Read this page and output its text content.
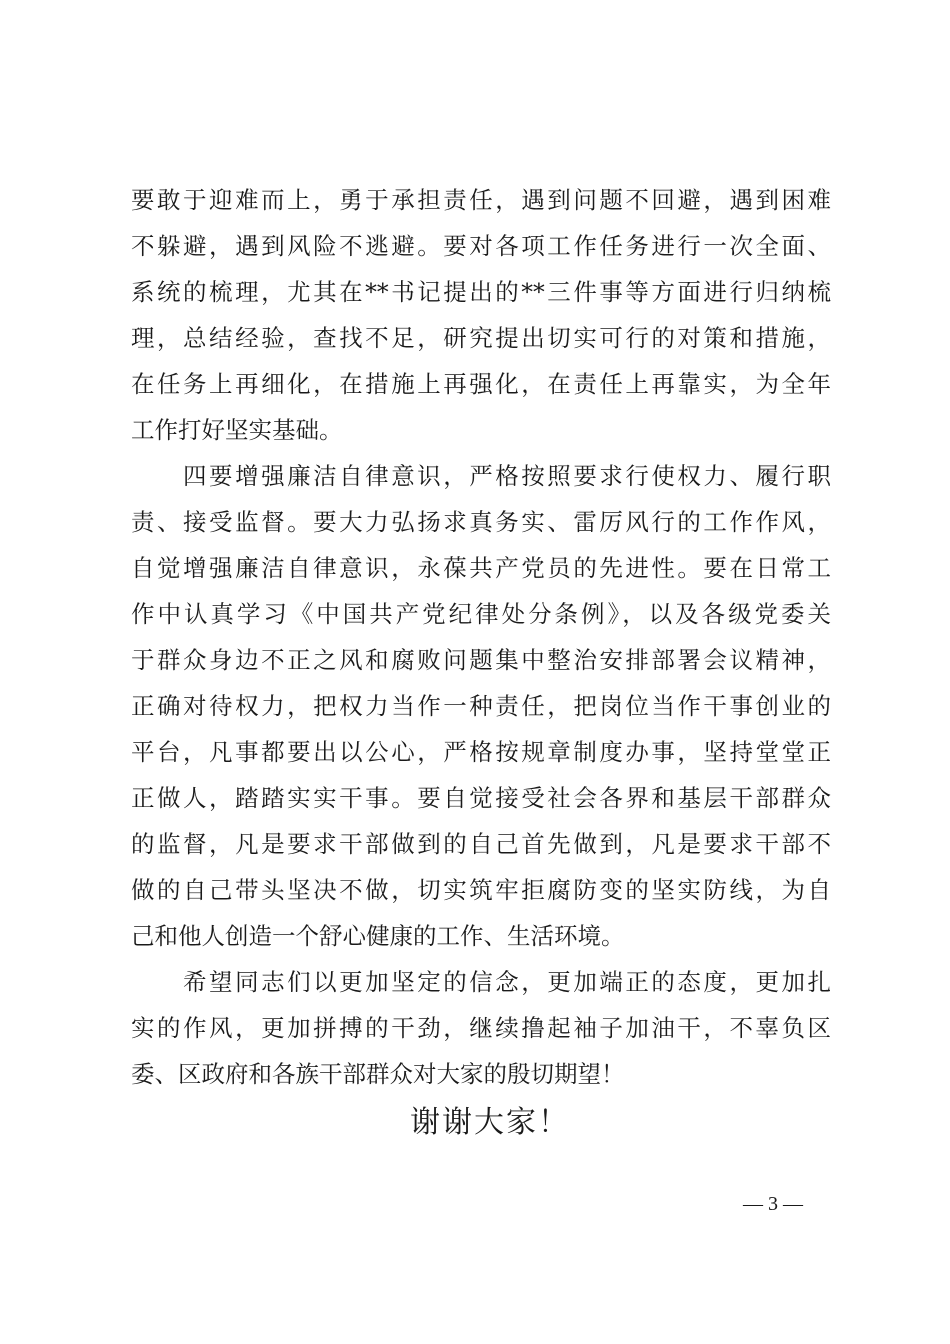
要敢于迎难而上，勇于承担责任，遇到问题不回避，遇到困难
不躲避，遇到风险不逃避。要对各项工作任务进行一次全面、
系统的梳理，尤其在**书记提出的**三件事等方面进行归纳梳
理，总结经验，查找不足，研究提出切实可行的对策和措施，
在任务上再细化，在措施上再强化，在责任上再靠实，为全年
工作打好坚实基础。
　　四要增强廉洁自律意识，严格按照要求行使权力、履行职
责、接受监督。要大力弘扬求真务实、雷厉风行的工作作风，
自觉增强廉洁自律意识，永葆共产党员的先进性。要在日常工
作中认真学习《中国共产党纪律处分条例》，以及各级党委关
于群众身边不正之风和腐败问题集中整治安排部署会议精神，
正确对待权力，把权力当作一种责任，把岗位当作干事创业的
平台，凡事都要出以公心，严格按规章制度办事，坚持堂堂正
正做人，踏踏实实干事。要自觉接受社会各界和基层干部群众
的监督，凡是要求干部做到的自己首先做到，凡是要求干部不
做的自己带头坚决不做，切实筑牢拒腐防变的坚实防线，为自
己和他人创造一个舒心健康的工作、生活环境。
　　希望同志们以更加坚定的信念，更加端正的态度，更加扎
实的作风，更加拼搏的干劲，继续撸起袖子加油干，不辜负区
委、区政府和各族干部群众对大家的殷切期望！
谢谢大家！
— 3 —
